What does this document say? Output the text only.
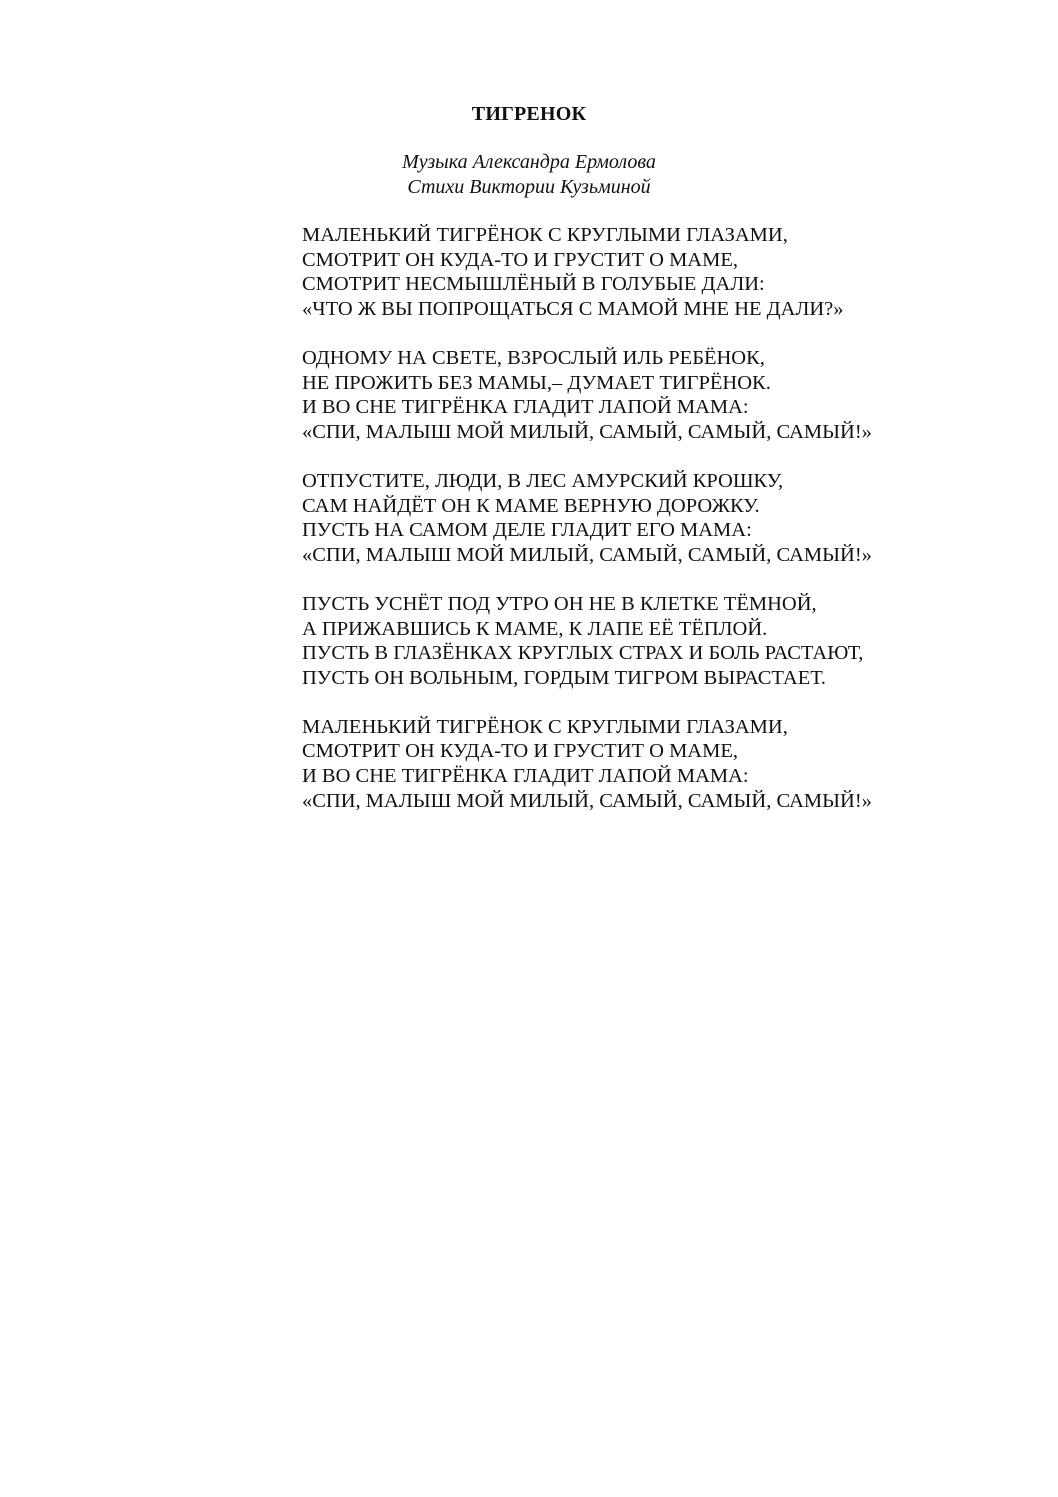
ТИГРЕНОК
Музыка Александра Ермолова
Стихи Виктории Кузьминой
МАЛЕНЬКИЙ ТИГРЁНОК С КРУГЛЫМИ ГЛАЗАМИ,
СМОТРИТ ОН КУДА-ТО И ГРУСТИТ О МАМЕ,
СМОТРИТ НЕСМЫШЛЁНЫЙ В ГОЛУБЫЕ ДАЛИ:
«ЧТО Ж ВЫ ПОПРОЩАТЬСЯ С МАМОЙ МНЕ НЕ ДАЛИ?»
ОДНОМУ НА СВЕТЕ, ВЗРОСЛЫЙ ИЛЬ РЕБЁНОК,
НЕ ПРОЖИТЬ БЕЗ МАМЫ,– ДУМАЕТ ТИГРЁНОК.
И ВО СНЕ ТИГРЁНКА ГЛАДИТ ЛАПОЙ МАМА:
«СПИ, МАЛЫШ МОЙ МИЛЫЙ, САМЫЙ, САМЫЙ, САМЫЙ!»
ОТПУСТИТЕ, ЛЮДИ, В ЛЕС АМУРСКИЙ КРОШКУ,
САМ НАЙДЁТ ОН К МАМЕ ВЕРНУЮ ДОРОЖКУ.
ПУСТЬ НА САМОМ ДЕЛЕ ГЛАДИТ ЕГО МАМА:
«СПИ, МАЛЫШ МОЙ МИЛЫЙ, САМЫЙ, САМЫЙ, САМЫЙ!»
ПУСТЬ УСНЁТ ПОД УТРО ОН НЕ В КЛЕТКЕ ТЁМНОЙ,
А ПРИЖАВШИСЬ К МАМЕ, К ЛАПЕ ЕЁ ТЁПЛОЙ.
ПУСТЬ В ГЛАЗЁНКАХ КРУГЛЫХ СТРАХ И БОЛЬ РАСТАЮТ,
ПУСТЬ ОН ВОЛЬНЫМ, ГОРДЫМ ТИГРОМ ВЫРАСТАЕТ.
МАЛЕНЬКИЙ ТИГРЁНОК С КРУГЛЫМИ ГЛАЗАМИ,
СМОТРИТ ОН КУДА-ТО И ГРУСТИТ О МАМЕ,
И ВО СНЕ ТИГРЁНКА ГЛАДИТ ЛАПОЙ МАМА:
«СПИ, МАЛЫШ МОЙ МИЛЫЙ, САМЫЙ, САМЫЙ, САМЫЙ!»
